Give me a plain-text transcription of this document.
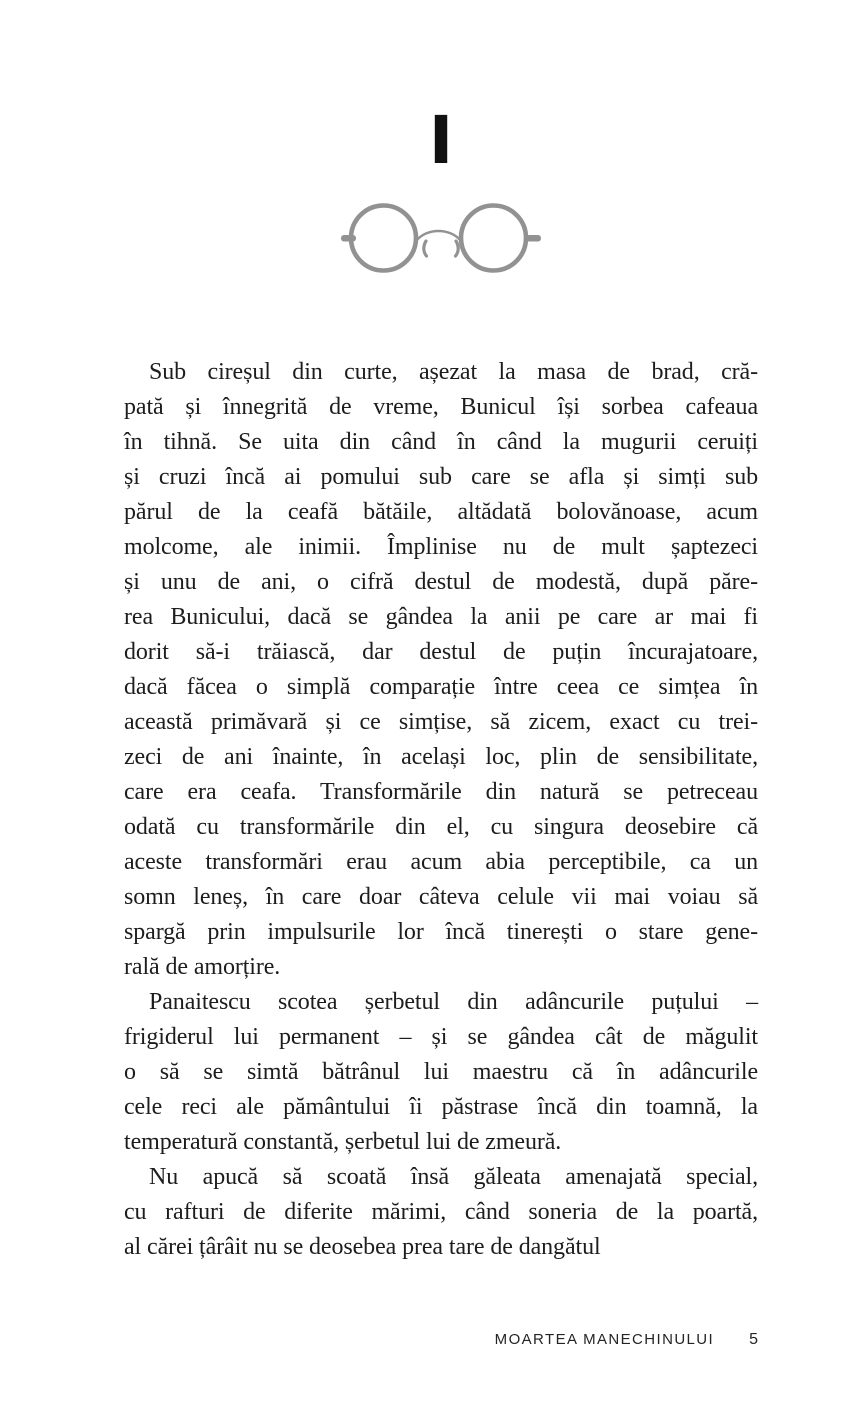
I
Sub cireșul din curte, așezat la masa de brad, cră-
pată și înnegrită de vreme, Bunicul își sorbea cafeaua
în tihnă. Se uita din când în când la mugurii ceruiți
și cruzi încă ai pomului sub care se afla și simți sub
părul de la ceafă bătăile, altădată bolovănoase, acum
molcome, ale inimii. Împlinise nu de mult șaptezeci
și unu de ani, o cifră destul de modestă, după păre-
rea Bunicului, dacă se gândea la anii pe care ar mai fi
dorit să-i trăiască, dar destul de puțin încurajatoare,
dacă făcea o simplă comparație între ceea ce simțea în
această primăvară și ce simțise, să zicem, exact cu trei-
zeci de ani înainte, în același loc, plin de sensibilitate,
care era ceafa. Transformările din natură se petreceau
odată cu transformările din el, cu singura deosebire că
aceste transformări erau acum abia perceptibile, ca un
somn leneș, în care doar câteva celule vii mai voiau să
spargă prin impulsurile lor încă tinerești o stare gene-
rală de amorțire.
Panaitescu scotea șerbetul din adâncurile puțului –
frigiderul lui permanent – și se gândea cât de măgulit
o să se simtă bătrânul lui maestru că în adâncurile
cele reci ale pământului îi păstrase încă din toamnă, la
temperatură constantă, șerbetul lui de zmeură.
Nu apucă să scoată însă găleata amenajată special,
cu rafturi de diferite mărimi, când soneria de la poartă,
al cărei țârâit nu se deosebea prea tare de dangătul
MOARTEA MANECHINULUI 5
